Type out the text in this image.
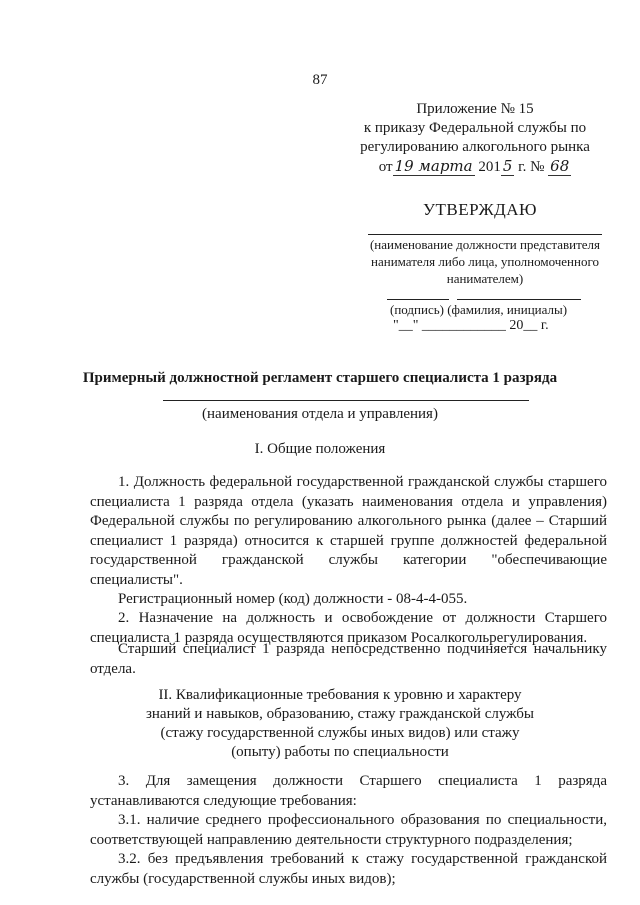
87
Приложение № 15
к приказу Федеральной службы по
регулированию алкогольного рынка
от 19 марта 201 5 г. № 68
УТВЕРЖДАЮ
(наименование должности представителя
нанимателя либо лица, уполномоченного
нанимателем)
(подпись) (фамилия, инициалы)
"__" ____________ 20__ г.
Примерный должностной регламент старшего специалиста 1 разряда
(наименования отдела и управления)
I. Общие положения
1. Должность федеральной государственной гражданской службы старшего
специалиста 1 разряда отдела (указать наименования отдела и управления)
Федеральной службы по регулированию алкогольного рынка (далее – Старший
специалист 1 разряда) относится к старшей группе должностей федеральной
государственной гражданской службы категории "обеспечивающие
специалисты".
Регистрационный номер (код) должности - 08-4-4-055.
2. Назначение на должность и освобождение от должности Старшего
специалиста 1 разряда осуществляются приказом Росалкогольрегулирования.
Старший специалист 1 разряда непосредственно подчиняется начальнику
отдела.
II. Квалификационные требования к уровню и характеру
знаний и навыков, образованию, стажу гражданской службы
(стажу государственной службы иных видов) или стажу
(опыту) работы по специальности
3. Для замещения должности Старшего специалиста 1 разряда
устанавливаются следующие требования:
3.1. наличие среднего профессионального образования по специальности,
соответствующей направлению деятельности структурного подразделения;
3.2. без предъявления требований к стажу государственной гражданской
службы (государственной службы иных видов);
